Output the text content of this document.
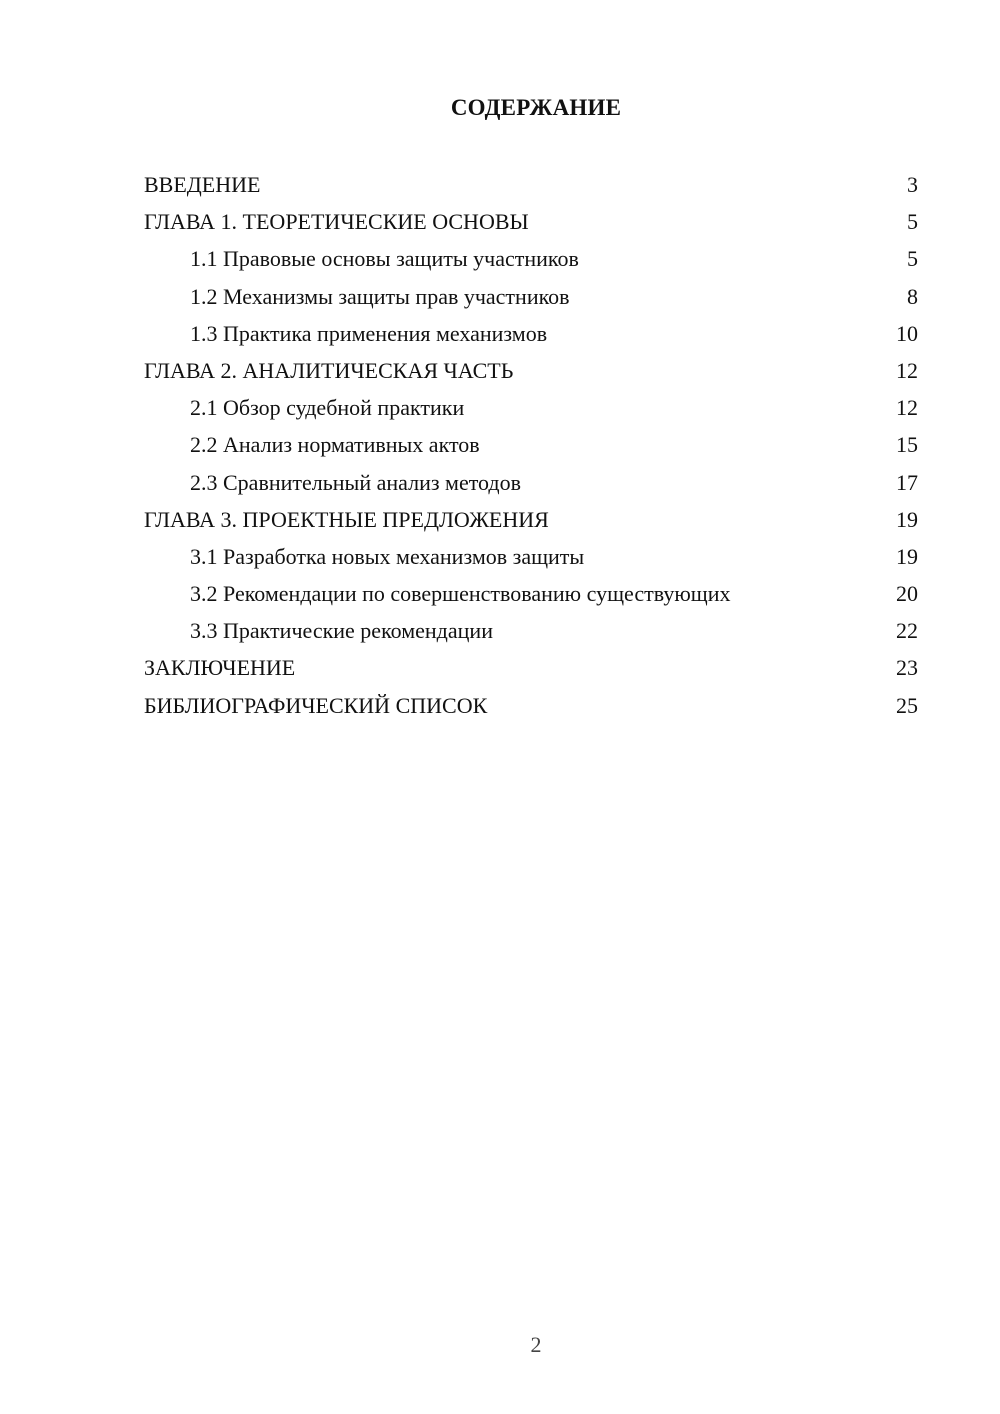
СОДЕРЖАНИЕ
ВВЕДЕНИЕ	3
ГЛАВА 1. ТЕОРЕТИЧЕСКИЕ ОСНОВЫ	5
1.1 Правовые основы защиты участников	5
1.2 Механизмы защиты прав участников	8
1.3 Практика применения механизмов	10
ГЛАВА 2. АНАЛИТИЧЕСКАЯ ЧАСТЬ	12
2.1 Обзор судебной практики	12
2.2 Анализ нормативных актов	15
2.3 Сравнительный анализ методов	17
ГЛАВА 3. ПРОЕКТНЫЕ ПРЕДЛОЖЕНИЯ	19
3.1 Разработка новых механизмов защиты	19
3.2 Рекомендации по совершенствованию существующих	20
3.3 Практические рекомендации	22
ЗАКЛЮЧЕНИЕ	23
БИБЛИОГРАФИЧЕСКИЙ СПИСОК	25
2
